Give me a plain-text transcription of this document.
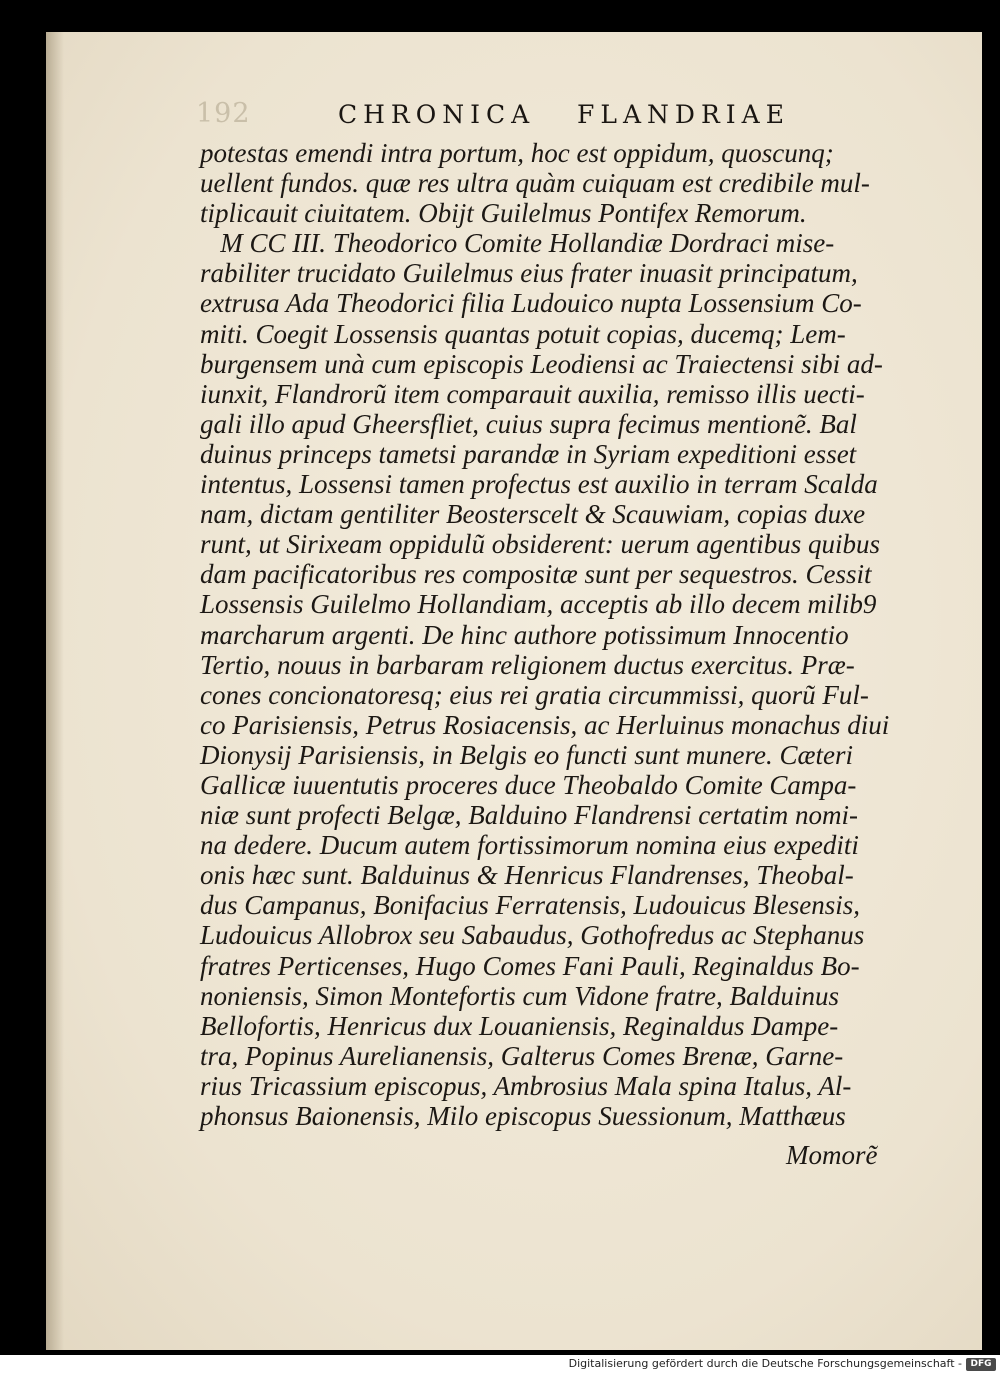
192	CHRONICA   FLANDRIAE
potestas emendi intra portum, hoc est oppidum, quoscunq;
uellent fundos. quæ res ultra quàm cuiquam est credibile mul-
tiplicauit ciuitatem. Obijt Guilelmus Pontifex Remorum.
M CC III. Theodorico Comite Hollandiæ Dordraci mise-
rabiliter trucidato Guilelmus eius frater inuasit principatum,
extrusa Ada Theodorici filia Ludouico nupta Lossensium Co-
miti. Coegit Lossensis quantas potuit copias, ducemq; Lem-
burgensem unà cum episcopis Leodiensi ac Traiectensi sibi ad-
iunxit, Flandrorũ item comparauit auxilia, remisso illis uecti-
gali illo apud Gheersfliet, cuius supra fecimus mentionẽ. Bal
duinus princeps tametsi parandæ in Syriam expeditioni esset
intentus, Lossensi tamen profectus est auxilio in terram Scalda
nam, dictam gentiliter Beosterscelt & Scauwiam, copias duxe
runt, ut Sirixeam oppidulũ obsiderent: uerum agentibus quibus
dam pacificatoribus res compositæ sunt per sequestros. Cessit
Lossensis Guilelmo Hollandiam, acceptis ab illo decem milib9
marcharum argenti. De hinc authore potissimum Innocentio
Tertio, nouus in barbaram religionem ductus exercitus. Præ-
cones concionatoresq; eius rei gratia circummissi, quorũ Ful-
co Parisiensis, Petrus Rosiacensis, ac Herluinus monachus diui
Dionysij Parisiensis, in Belgis eo functi sunt munere. Cæteri
Gallicæ iuuentutis proceres duce Theobaldo Comite Campa-
niæ sunt profecti Belgæ, Balduino Flandrensi certatim nomi-
na dedere. Ducum autem fortissimorum nomina eius expediti
onis hæc sunt. Balduinus & Henricus Flandrenses, Theobal-
dus Campanus, Bonifacius Ferratensis, Ludouicus Blesensis,
Ludouicus Allobrox seu Sabaudus, Gothofredus ac Stephanus
fratres Perticenses, Hugo Comes Fani Pauli, Reginaldus Bo-
noniensis, Simon Montefortis cum Vidone fratre, Balduinus
Bellofortis, Henricus dux Louaniensis, Reginaldus Dampe-
tra, Popinus Aurelianensis, Galterus Comes Brenæ, Garne-
rius Tricassium episcopus, Ambrosius Mala spina Italus, Al-
phonsus Baionensis, Milo episcopus Suessionum, Matthæus
Momorẽ
Digitalisierung gefördert durch die Deutsche Forschungsgemeinschaft - DFG
